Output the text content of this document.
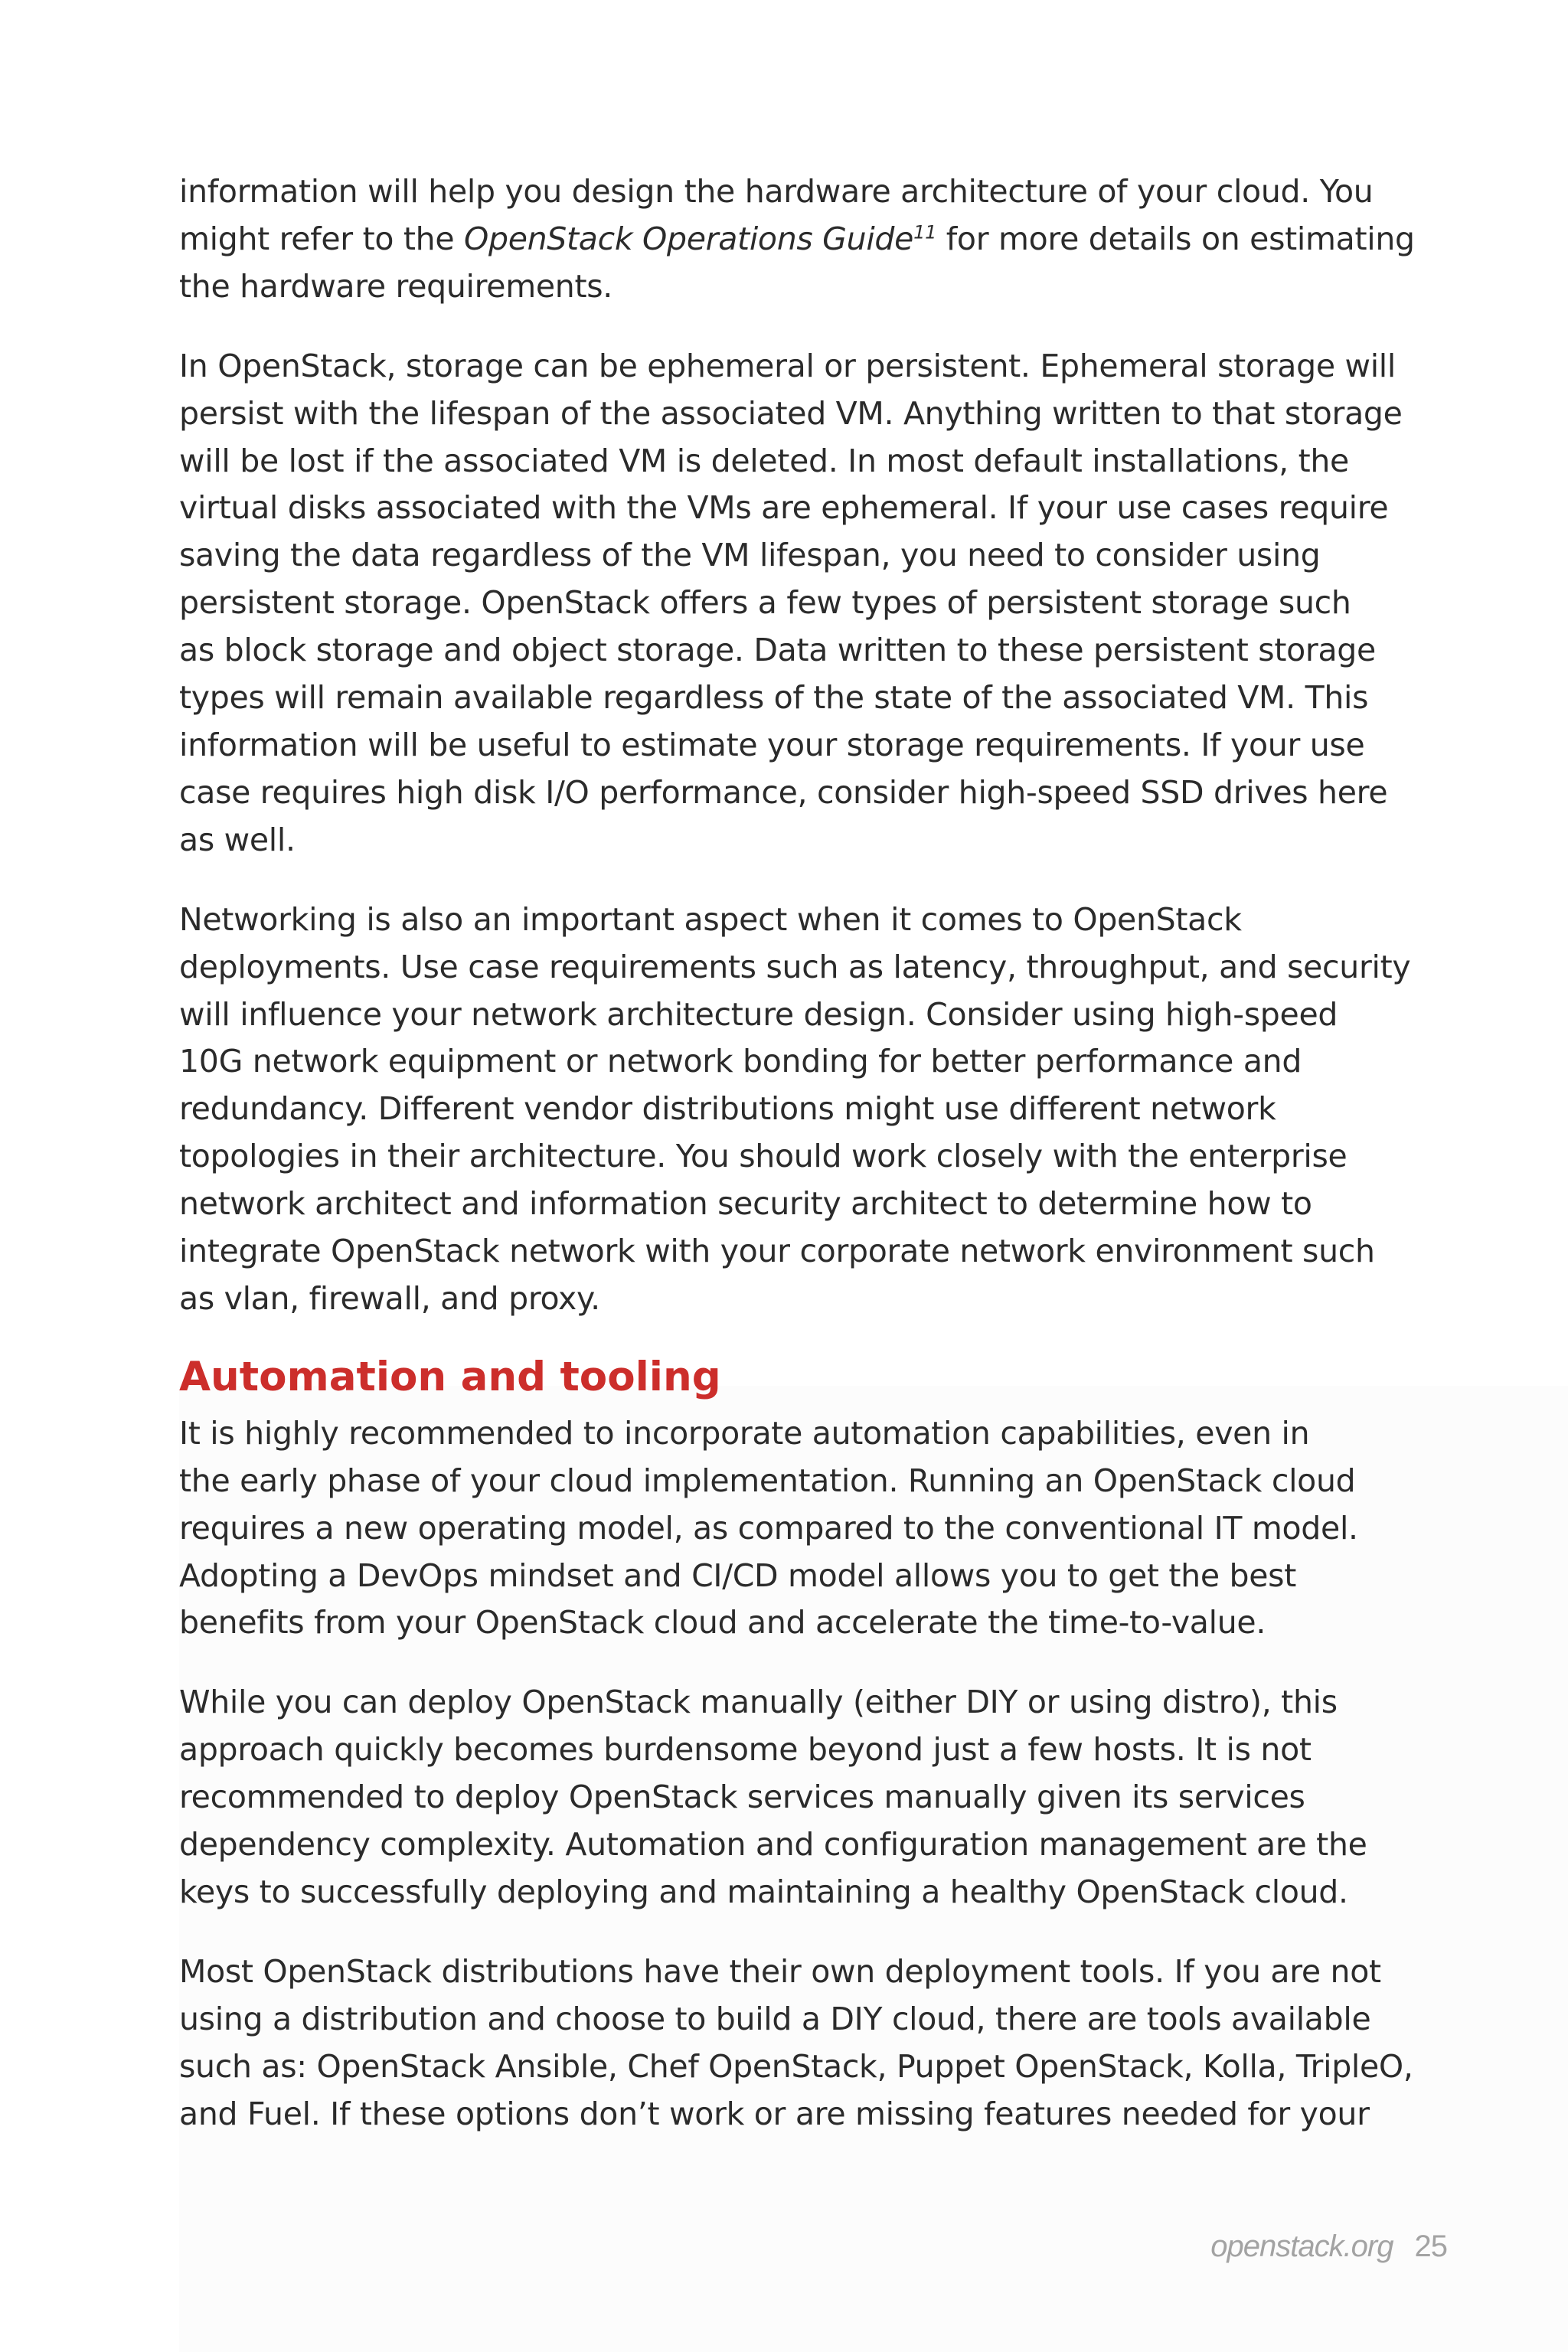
information will help you design the hardware architecture of your cloud. You
might refer to the OpenStack Operations Guide$^{11}$ for more details on estimating
the hardware requirements.

In OpenStack, storage can be ephemeral or persistent. Ephemeral storage will
persist with the lifespan of the associated VM. Anything written to that storage
will be lost if the associated VM is deleted. In most default installations, the
virtual disks associated with the VMs are ephemeral. If your use cases require
saving the data regardless of the VM lifespan, you need to consider using
persistent storage. OpenStack offers a few types of persistent storage such
as block storage and object storage. Data written to these persistent storage
types will remain available regardless of the state of the associated VM. This
information will be useful to estimate your storage requirements. If your use
case requires high disk I/O performance, consider high-speed SSD drives here
as well.

Networking is also an important aspect when it comes to OpenStack
deployments. Use case requirements such as latency, throughput, and security
will influence your network architecture design. Consider using high-speed
10G network equipment or network bonding for better performance and
redundancy. Different vendor distributions might use different network
topologies in their architecture. You should work closely with the enterprise
network architect and information security architect to determine how to
integrate OpenStack network with your corporate network environment such
as vlan, firewall, and proxy.

Automation and tooling

It is highly recommended to incorporate automation capabilities, even in
the early phase of your cloud implementation. Running an OpenStack cloud
requires a new operating model, as compared to the conventional IT model.
Adopting a DevOps mindset and CI/CD model allows you to get the best
benefits from your OpenStack cloud and accelerate the time-to-value.

While you can deploy OpenStack manually (either DIY or using distro), this
approach quickly becomes burdensome beyond just a few hosts. It is not
recommended to deploy OpenStack services manually given its services
dependency complexity. Automation and configuration management are the
keys to successfully deploying and maintaining a healthy OpenStack cloud.

Most OpenStack distributions have their own deployment tools. If you are not
using a distribution and choose to build a DIY cloud, there are tools available
such as: OpenStack Ansible, Chef OpenStack, Puppet OpenStack, Kolla, TripleO,
and Fuel. If these options don’t work or are missing features needed for your

openstack.org 25
